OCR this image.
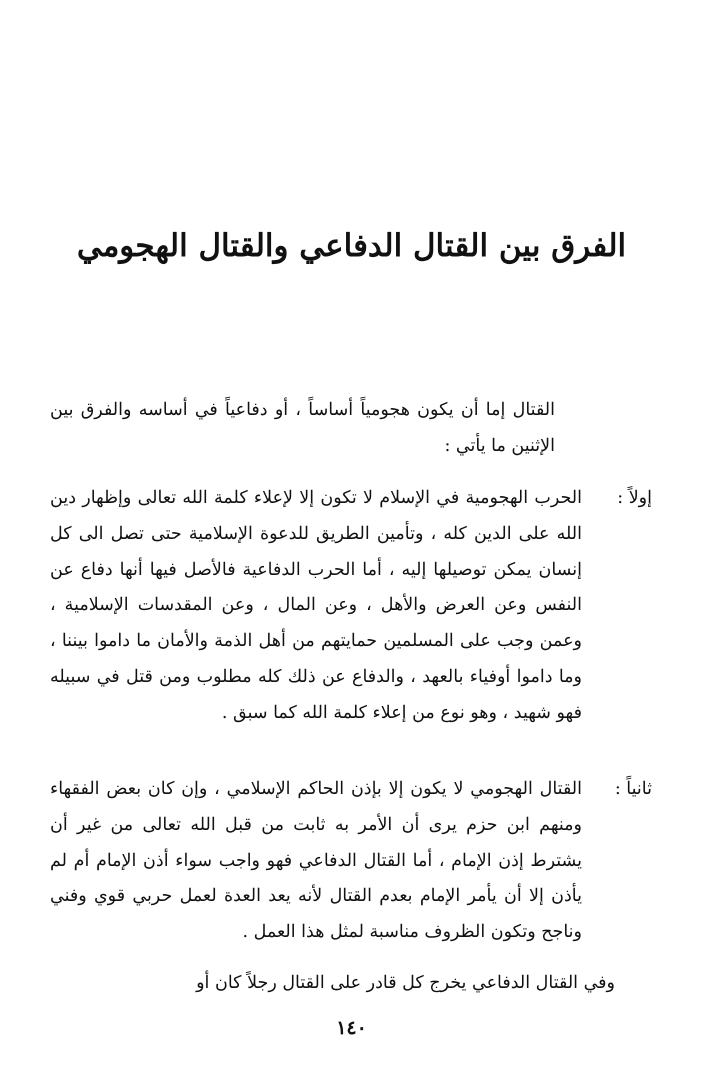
الفرق بين القتال الدفاعي والقتال الهجومي

القتال إما أن يكون هجومياً أساساً ، أو دفاعياً في أساسه والفرق بين الإثنين ما يأتي :

إولاً :
الحرب الهجومية في الإسلام لا تكون إلا لإعلاء كلمة الله تعالى وإظهار دين الله على الدين كله ، وتأمين الطريق للدعوة الإسلامية حتى تصل الى كل إنسان يمكن توصيلها إليه ، أما الحرب الدفاعية فالأصل فيها أنها دفاع عن النفس وعن العرض والأهل ، وعن المال ، وعن المقدسات الإسلامية ، وعمن وجب على المسلمين حمايتهم من أهل الذمة والأمان ما داموا بيننا ، وما داموا أوفياء بالعهد ، والدفاع عن ذلك كله مطلوب ومن قتل في سبيله فهو شهيد ، وهو نوع من إعلاء كلمة الله كما سبق .
ثانياً :
القتال الهجومي لا يكون إلا بإذن الحاكم الإسلامي ، وإن كان بعض الفقهاء ومنهم ابن حزم يرى أن الأمر به ثابت من قبل الله تعالى من غير أن يشترط إذن الإمام ، أما القتال الدفاعي فهو واجب سواء أذن الإمام أم لم يأذن إلا أن يأمر الإمام بعدم القتال لأنه يعد العدة لعمل حربي قوي وفني وناجح وتكون الظروف مناسبة لمثل هذا العمل .

وفي القتال الدفاعي يخرج كل قادر على القتال رجلاً كان أو

١٤٠
